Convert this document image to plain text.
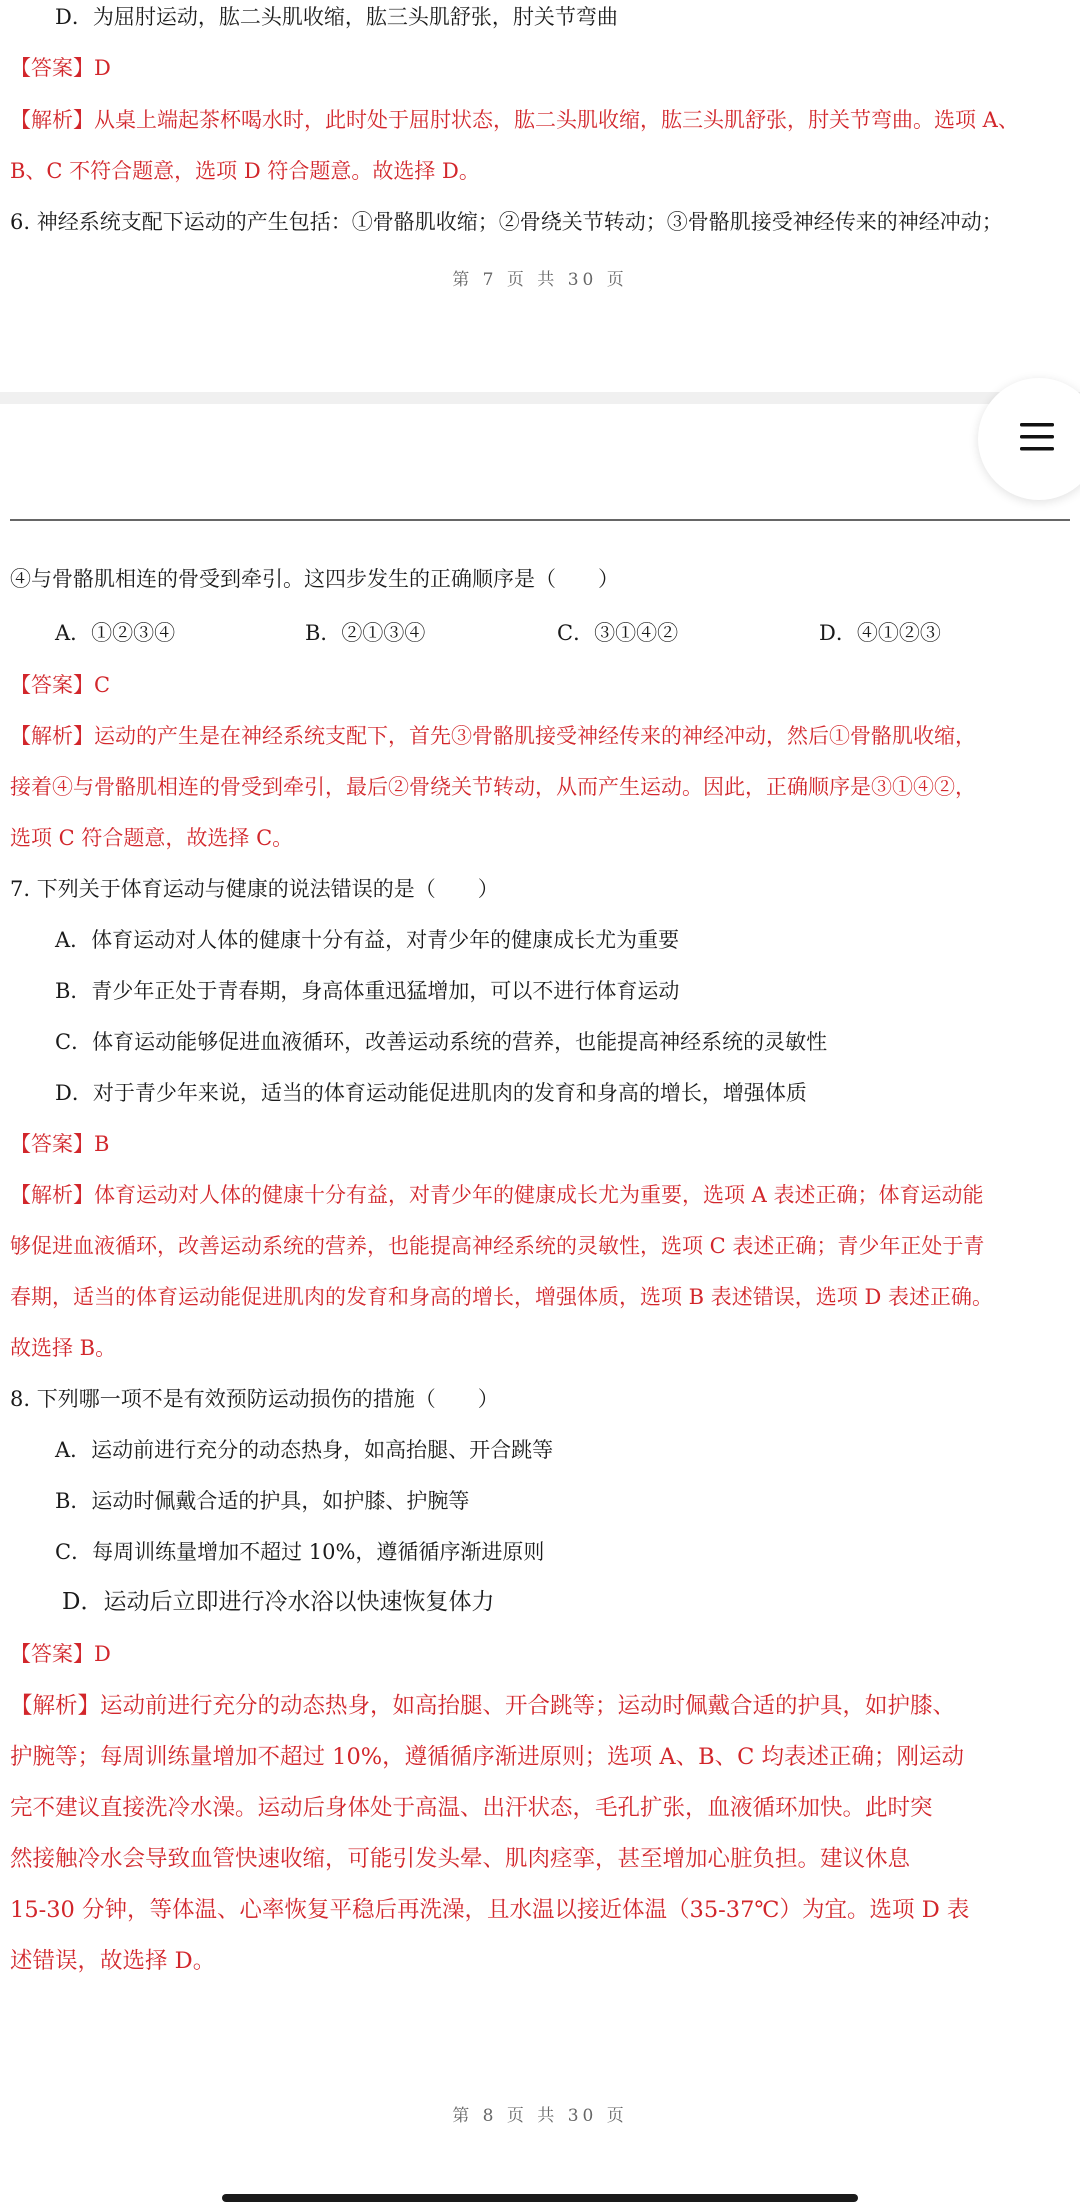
D．为屈肘运动，肱二头肌收缩，肱三头肌舒张，肘关节弯曲
【答案】D
【解析】从桌上端起茶杯喝水时，此时处于屈肘状态，肱二头肌收缩，肱三头肌舒张，肘关节弯曲。选项 A、
B、C 不符合题意，选项 D 符合题意。故选择 D。
6. 神经系统支配下运动的产生包括：①骨骼肌收缩；②骨绕关节转动；③骨骼肌接受神经传来的神经冲动；
第 7 页 共 30 页
④与骨骼肌相连的骨受到牵引。这四步发生的正确顺序是（　　）
A．①②③④	B．②①③④	C．③①④②	D．④①②③
【答案】C
【解析】运动的产生是在神经系统支配下，首先③骨骼肌接受神经传来的神经冲动，然后①骨骼肌收缩，
接着④与骨骼肌相连的骨受到牵引，最后②骨绕关节转动，从而产生运动。因此，正确顺序是③①④②，
选项 C 符合题意，故选择 C。
7. 下列关于体育运动与健康的说法错误的是（　　）
A．体育运动对人体的健康十分有益，对青少年的健康成长尤为重要
B．青少年正处于青春期，身高体重迅猛增加，可以不进行体育运动
C．体育运动能够促进血液循环，改善运动系统的营养，也能提高神经系统的灵敏性
D．对于青少年来说，适当的体育运动能促进肌肉的发育和身高的增长，增强体质
【答案】B
【解析】体育运动对人体的健康十分有益，对青少年的健康成长尤为重要，选项 A 表述正确；体育运动能
够促进血液循环，改善运动系统的营养，也能提高神经系统的灵敏性，选项 C 表述正确；青少年正处于青
春期，适当的体育运动能促进肌肉的发育和身高的增长，增强体质，选项 B 表述错误，选项 D 表述正确。
故选择 B。
8. 下列哪一项不是有效预防运动损伤的措施（　　）
A．运动前进行充分的动态热身，如高抬腿、开合跳等
B．运动时佩戴合适的护具，如护膝、护腕等
C．每周训练量增加不超过 10%，遵循循序渐进原则
D．运动后立即进行冷水浴以快速恢复体力
【答案】D
【解析】运动前进行充分的动态热身，如高抬腿、开合跳等；运动时佩戴合适的护具，如护膝、
护腕等；每周训练量增加不超过 10%，遵循循序渐进原则；选项 A、B、C 均表述正确；刚运动
完不建议直接洗冷水澡。运动后身体处于高温、出汗状态，毛孔扩张，血液循环加快。此时突
然接触冷水会导致血管快速收缩，可能引发头晕、肌肉痉挛，甚至增加心脏负担。建议休息
15-30 分钟，等体温、心率恢复平稳后再洗澡，且水温以接近体温（35-37℃）为宜。选项 D 表
述错误，故选择 D。
第 8 页 共 30 页
